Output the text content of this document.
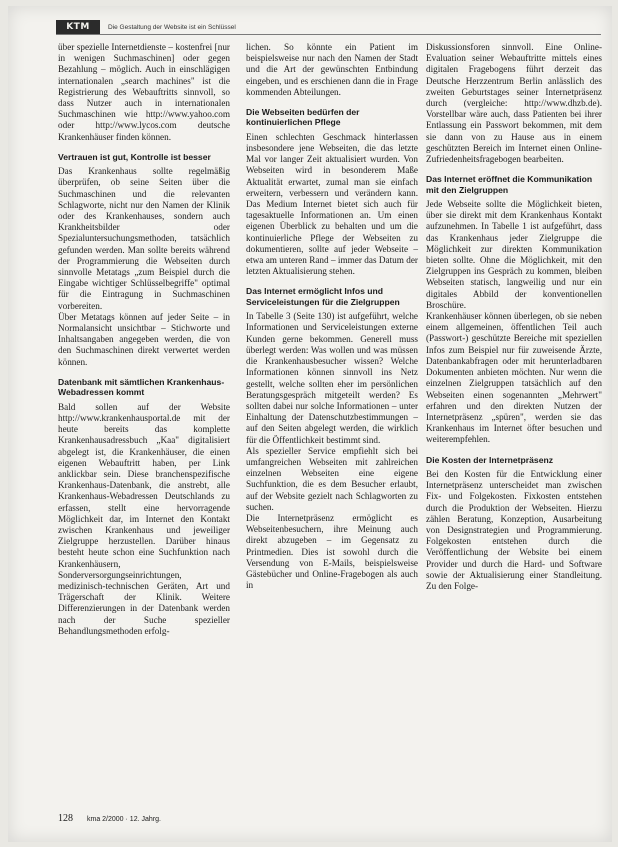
KTM	Die Gestaltung der Website ist ein Schlüssel

über spezielle Internetdienste – kostenfrei [nur in wenigen Suchmaschinen] oder gegen Bezahlung – möglich. Auch in einschlägigen internationalen „search machines" ist die Registrierung des Webauftritts sinnvoll, so dass Nutzer auch in internationalen Suchmaschinen wie http://www.yahoo.com oder http://www.lycos.com deutsche Krankenhäuser finden können.

Vertrauen ist gut, Kontrolle ist besser

Das Krankenhaus sollte regelmäßig überprüfen, ob seine Seiten über die Suchmaschinen und die relevanten Schlagworte, nicht nur den Namen der Klinik oder des Krankenhauses, sondern auch Krankheitsbilder oder Spezialuntersuchungsmethoden, tatsächlich gefunden werden. Man sollte bereits während der Programmierung die Webseiten durch sinnvolle Metatags „zum Beispiel durch die Eingabe wichtiger Schlüsselbegriffe" optimal für die Eintragung in Suchmaschinen vorbereiten.

Über Metatags können auf jeder Seite – in Normalansicht unsichtbar – Stichworte und Inhaltsangaben angegeben werden, die von den Suchmaschinen direkt verwertet werden können.

Datenbank mit sämtlichen Krankenhaus-Webadressen kommt

Bald sollen auf der Website http://www.krankenhausportal.de mit der heute bereits das komplette Krankenhausadressbuch „Kaa" digitalisiert abgelegt ist, die Krankenhäuser, die einen eigenen Webauftritt haben, per Link anklickbar sein. Diese branchenspezifische Krankenhaus-Datenbank, die anstrebt, alle Krankenhaus-Webadressen Deutschlands zu erfassen, stellt eine hervorragende Möglichkeit dar, im Internet den Kontakt zwischen Krankenhaus und jeweiliger Zielgruppe herzustellen. Darüber hinaus besteht heute schon eine Suchfunktion nach Krankenhäusern, Sonderversorgungseinrichtungen, medizinisch-technischen Geräten, Art und Trägerschaft der Klinik. Weitere Differenzierungen in der Datenbank werden nach der Suche spezieller Behandlungsmethoden erfolg-

lichen. So könnte ein Patient im beispielsweise nur nach den Namen der Stadt und die Art der gewünschten Entbindung eingeben, und es erschienen dann die in Frage kommenden Abteilungen.

Die Webseiten bedürfen der kontinuierlichen Pflege

Einen schlechten Geschmack hinterlassen insbesondere jene Webseiten, die das letzte Mal vor langer Zeit aktualisiert wurden. Von Webseiten wird in besonderem Maße Aktualität erwartet, zumal man sie einfach erweitern, verbessern und verändern kann. Das Medium Internet bietet sich auch für tagesaktuelle Informationen an. Um einen eigenen Überblick zu behalten und um die kontinuierliche Pflege der Webseiten zu dokumentieren, sollte auf jeder Webseite – etwa am unteren Rand – immer das Datum der letzten Aktualisierung stehen.

Das Internet ermöglicht Infos und Serviceleistungen für die Zielgruppen

In Tabelle 3 (Seite 130) ist aufgeführt, welche Informationen und Serviceleistungen externe Kunden gerne bekommen. Generell muss überlegt werden: Was wollen und was müssen die Krankenhausbesucher wissen? Welche Informationen können sinnvoll ins Netz gestellt, welche sollten eher im persönlichen Beratungsgespräch mitgeteilt werden? Es sollten dabei nur solche Informationen – unter Einhaltung der Datenschutzbestimmungen – auf den Seiten abgelegt werden, die wirklich für die Öffentlichkeit bestimmt sind.

Als spezieller Service empfiehlt sich bei umfangreichen Webseiten mit zahlreichen einzelnen Webseiten eine eigene Suchfunktion, die es dem Besucher erlaubt, auf der Website gezielt nach Schlagworten zu suchen.

Die Internetpräsenz ermöglicht es Webseitenbesuchern, ihre Meinung auch direkt abzugeben – im Gegensatz zu Printmedien. Dies ist sowohl durch die Versendung von E-Mails, beispielsweise Gästebücher und Online-Fragebogen als auch in

Diskussionsforen sinnvoll. Eine Online-Evaluation seiner Webauftritte mittels eines digitalen Fragebogens führt derzeit das Deutsche Herzzentrum Berlin anlässlich des zweiten Geburtstages seiner Internetpräsenz durch (vergleiche: http://www.dhzb.de). Vorstellbar wäre auch, dass Patienten bei ihrer Entlassung ein Passwort bekommen, mit dem sie dann von zu Hause aus in einem geschützten Bereich im Internet einen Online-Zufriedenheitsfragebogen bearbeiten.

Das Internet eröffnet die Kommunikation mit den Zielgruppen

Jede Webseite sollte die Möglichkeit bieten, über sie direkt mit dem Krankenhaus Kontakt aufzunehmen. In Tabelle 1 ist aufgeführt, dass das Krankenhaus jeder Zielgruppe die Möglichkeit zur direkten Kommunikation bieten sollte. Ohne die Möglichkeit, mit den Zielgruppen ins Gespräch zu kommen, bleiben Webseiten statisch, langweilig und nur ein digitales Abbild der konventionellen Broschüre.

Krankenhäuser können überlegen, ob sie neben einem allgemeinen, öffentlichen Teil auch (Passwort-) geschützte Bereiche mit speziellen Infos zum Beispiel nur für zuweisende Ärzte, Datenbankabfragen oder mit herunterladbaren Dokumenten anbieten möchten. Nur wenn die einzelnen Zielgruppen tatsächlich auf den Webseiten einen sogenannten „Mehrwert" erfahren und den direkten Nutzen der Internetpräsenz „spüren", werden sie das Krankenhaus im Internet öfter besuchen und weiterempfehlen.

Die Kosten der Internetpräsenz

Bei den Kosten für die Entwicklung einer Internetpräsenz unterscheidet man zwischen Fix- und Folgekosten. Fixkosten entstehen durch die Produktion der Webseiten. Hierzu zählen Beratung, Konzeption, Ausarbeitung von Designstrategien und Programmierung. Folgekosten entstehen durch die Veröffentlichung der Website bei einem Provider und durch die Hard- und Software sowie der Aktualisierung einer Standleitung. Zu den Folge-

128 kma 2/2000 · 12. Jahrg.
